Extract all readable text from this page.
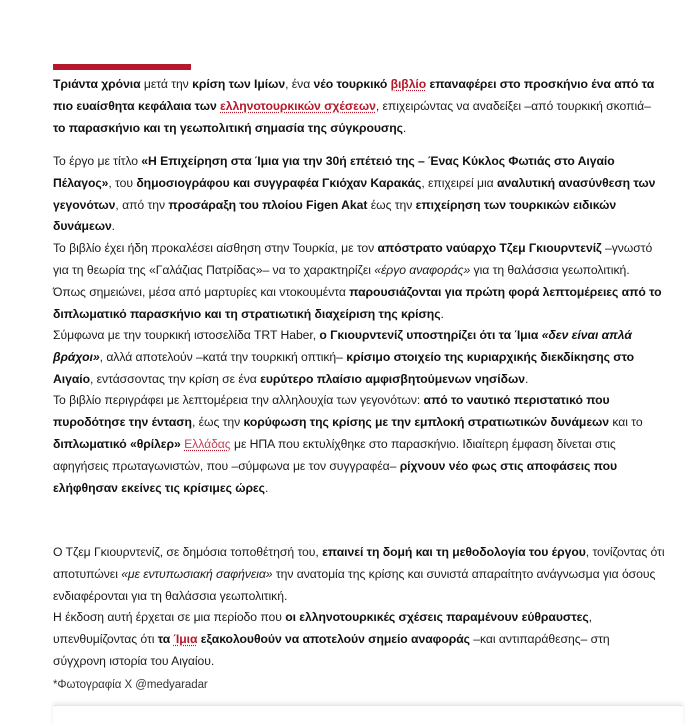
Τριάντα χρόνια μετά την κρίση των Ιμίων, ένα νέο τουρκικό βιβλίο επαναφέρει στο προσκήνιο ένα από τα πιο ευαίσθητα κεφάλαια των ελληνοτουρκικών σχέσεων, επιχειρώντας να αναδείξει –από τουρκική σκοπιά– το παρασκήνιο και τη γεωπολιτική σημασία της σύγκρουσης.

Το έργο με τίτλο «Η Επιχείρηση στα Ίμια για την 30ή επέτειό της – Ένας Κύκλος Φωτιάς στο Αιγαίο Πέλαγος», του δημοσιογράφου και συγγραφέα Γκιόχαν Καρακάς, επιχειρεί μια αναλυτική ανασύνθεση των γεγονότων, από την προσάραξη του πλοίου Figen Akat έως την επιχείρηση των τουρκικών ειδικών δυνάμεων.
Το βιβλίο έχει ήδη προκαλέσει αίσθηση στην Τουρκία, με τον απόστρατο ναύαρχο Τζεμ Γκιουρντενίζ –γνωστό για τη θεωρία της «Γαλάζιας Πατρίδας»– να το χαρακτηρίζει «έργο αναφοράς» για τη θαλάσσια γεωπολιτική. Όπως σημειώνει, μέσα από μαρτυρίες και ντοκουμέντα παρουσιάζονται για πρώτη φορά λεπτομέρειες από το διπλωματικό παρασκήνιο και τη στρατιωτική διαχείριση της κρίσης.

Σύμφωνα με την τουρκική ιστοσελίδα TRT Haber, ο Γκιουρντενίζ υποστηρίζει ότι τα Ίμια «δεν είναι απλά βράχοι», αλλά αποτελούν –κατά την τουρκική οπτική– κρίσιμο στοιχείο της κυριαρχικής διεκδίκησης στο Αιγαίο, εντάσσοντας την κρίση σε ένα ευρύτερο πλαίσιο αμφισβητούμενων νησίδων.
Το βιβλίο περιγράφει με λεπτομέρεια την αλληλουχία των γεγονότων: από το ναυτικό περιστατικό που πυροδότησε την ένταση, έως την κορύφωση της κρίσης με την εμπλοκή στρατιωτικών δυνάμεων και το διπλωματικό «θρίλερ» Ελλάδας με ΗΠΑ που εκτυλίχθηκε στο παρασκήνιο. Ιδιαίτερη έμφαση δίνεται στις αφηγήσεις πρωταγωνιστών, που –σύμφωνα με τον συγγραφέα– ρίχνουν νέο φως στις αποφάσεις που ελήφθησαν εκείνες τις κρίσιμες ώρες.

Ο Τζεμ Γκιουρντενίζ, σε δημόσια τοποθέτησή του, επαινεί τη δομή και τη μεθοδολογία του έργου, τονίζοντας ότι αποτυπώνει «με εντυπωσιακή σαφήνεια» την ανατομία της κρίσης και συνιστά απαραίτητο ανάγνωσμα για όσους ενδιαφέρονται για τη θαλάσσια γεωπολιτική.
Η έκδοση αυτή έρχεται σε μια περίοδο που οι ελληνοτουρκικές σχέσεις παραμένουν εύθραυστες, υπενθυμίζοντας ότι τα Ίμια εξακολουθούν να αποτελούν σημείο αναφοράς –και αντιπαράθεσης– στη σύγχρονη ιστορία του Αιγαίου.

*Φωτογραφία X @medyaradar
